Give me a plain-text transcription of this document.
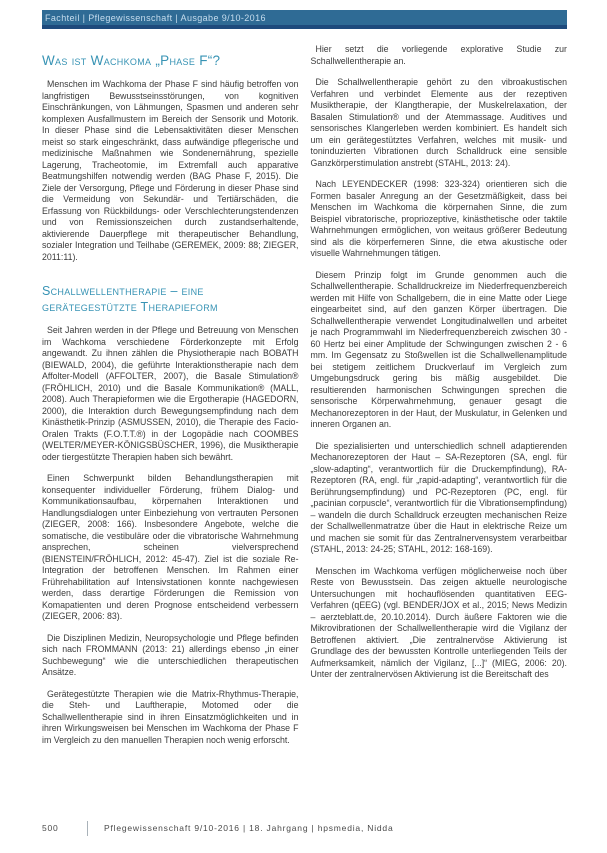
Fachteil | Pflegewissenschaft | Ausgabe 9/10-2016
Was ist Wachkoma „Phase F“?

Menschen im Wachkoma der Phase F sind häufig betroffen von langfristigen Bewusstseinsstörungen, von kognitiven Einschränkungen, von Lähmungen, Spasmen und anderen sehr komplexen Ausfallmustern im Bereich der Sensorik und Motorik. In dieser Phase sind die Lebensaktivitäten dieser Menschen meist so stark eingeschränkt, dass aufwändige pflegerische und medizinische Maßnahmen wie Sondenernährung, spezielle Lagerung, Tracheotomie, im Extremfall auch apparative Beatmungshilfen notwendig werden (BAG Phase F, 2015). Die Ziele der Versorgung, Pflege und Förderung in dieser Phase sind die Vermeidung von Sekundär- und Tertiärschäden, die Erfassung von Rückbildungs- oder Verschlechterungstendenzen und von Remissionszeichen durch zustandserhaltende, aktivierende Dauerpflege mit therapeutischer Behandlung, sozialer Integration und Teilhabe (GEREMEK, 2009: 88; ZIEGER, 2011:11).

Schallwellentherapie – eine gerätegestützte Therapieform

Seit Jahren werden in der Pflege und Betreuung von Menschen im Wachkoma verschiedene Förderkonzepte mit Erfolg angewandt. Zu ihnen zählen die Physiotherapie nach BOBATH (BIEWALD, 2004), die geführte Interaktionstherapie nach dem Affolter-Modell (AFFOLTER, 2007), die Basale Stimulation® (FRÖHLICH, 2010) und die Basale Kommunikation® (MALL, 2008). Auch Therapieformen wie die Ergotherapie (HAGEDORN, 2000), die Interaktion durch Bewegungsempfindung nach dem Kinästhetik-Prinzip (ASMUSSEN, 2010), die Therapie des Facio-Oralen Trakts (F.O.T.T.®) in der Logopädie nach COOMBES (WELTER/MEYER-KÖNIGSBÜSCHER, 1996), die Musiktherapie oder tiergestützte Therapien haben sich bewährt.

Einen Schwerpunkt bilden Behandlungstherapien mit konsequenter individueller Förderung, frühem Dialog- und Kommunikationsaufbau, körpernahen Interaktionen und Handlungsdialogen unter Einbeziehung von vertrauten Personen (ZIEGER, 2008: 166). Insbesondere Angebote, welche die somatische, die vestibuläre oder die vibratorische Wahrnehmung ansprechen, scheinen vielversprechend (BIENSTEIN/FRÖHLICH, 2012: 45-47). Ziel ist die soziale Re-Integration der betroffenen Menschen. Im Rahmen einer Frührehabilitation auf Intensivstationen konnte nachgewiesen werden, dass derartige Förderungen die Remission von Komapatienten und deren Prognose entscheidend verbessern (ZIEGER, 2006: 83).

Die Disziplinen Medizin, Neuropsychologie und Pflege befinden sich nach FROMMANN (2013: 21) allerdings ebenso „in einer Suchbewegung“ wie die unterschiedlichen therapeutischen Ansätze.

Gerätegestützte Therapien wie die Matrix-Rhythmus-Therapie, die Steh- und Lauftherapie, Motomed oder die Schallwellentherapie sind in ihren Einsatzmöglichkeiten und in ihren Wirkungsweisen bei Menschen im Wachkoma der Phase F im Vergleich zu den manuellen Therapien noch wenig erforscht.

Hier setzt die vorliegende explorative Studie zur Schallwellentherapie an.

Die Schallwellentherapie gehört zu den vibroakustischen Verfahren und verbindet Elemente aus der rezeptiven Musiktherapie, der Klangtherapie, der Muskelrelaxation, der Basalen Stimulation® und der Atemmassage. Auditives und sensorisches Klangerleben werden kombiniert. Es handelt sich um ein gerätegestütztes Verfahren, welches mit musik- und toninduzierten Vibrationen durch Schalldruck eine sensible Ganzkörperstimulation anstrebt (STAHL, 2013: 24).

Nach LEYENDECKER (1998: 323-324) orientieren sich die Formen basaler Anregung an der Gesetzmäßigkeit, dass bei Menschen im Wachkoma die körpernahen Sinne, die zum Beispiel vibratorische, propriozeptive, kinästhetische oder taktile Wahrnehmungen ermöglichen, von weitaus größerer Bedeutung sind als die körperferneren Sinne, die etwa akustische oder visuelle Wahrnehmungen tätigen.

Diesem Prinzip folgt im Grunde genommen auch die Schallwellentherapie. Schalldruckreize im Niederfrequenzbereich werden mit Hilfe von Schallgebern, die in eine Matte oder Liege eingearbeitet sind, auf den ganzen Körper übertragen. Die Schallwellentherapie verwendet Longitudinalwellen und arbeitet je nach Programmwahl im Niederfrequenzbereich zwischen 30 - 60 Hertz bei einer Amplitude der Schwingungen zwischen 2 - 6 mm. Im Gegensatz zu Stoßwellen ist die Schallwellenamplitude bei stetigem zeitlichem Druckverlauf im Vergleich zum Umgebungsdruck gering bis mäßig ausgebildet. Die resultierenden harmonischen Schwingungen sprechen die sensorische Körperwahrnehmung, genauer gesagt die Mechanorezeptoren in der Haut, der Muskulatur, in Gelenken und inneren Organen an.

Die spezialisierten und unterschiedlich schnell adaptierenden Mechanorezeptoren der Haut – SA-Rezeptoren (SA, engl. für „slow-adapting“, verantwortlich für die Druckempfindung), RA-Rezeptoren (RA, engl. für „rapid-adapting“, verantwortlich für die Berührungsempfindung) und PC-Rezeptoren (PC, engl. für „pacinian corpuscle“, verantwortlich für die Vibrationsempfindung) – wandeln die durch Schalldruck erzeugten mechanischen Reize der Schallwellenmatratze über die Haut in elektrische Reize um und machen sie somit für das Zentralnervensystem verarbeitbar (STAHL, 2013: 24-25; STAHL, 2012: 168-169).

Menschen im Wachkoma verfügen möglicherweise noch über Reste von Bewusstsein. Das zeigen aktuelle neurologische Untersuchungen mit hochauflösenden quantitativen EEG-Verfahren (qEEG) (vgl. BENDER/JOX et al., 2015; News Medizin – aerzteblatt.de, 20.10.2014). Durch äußere Faktoren wie die Mikrovibrationen der Schallwellentherapie wird die Vigilanz der Betroffenen aktiviert. „Die zentralnervöse Aktivierung ist Grundlage des der bewussten Kontrolle unterliegenden Teils der Aufmerksamkeit, nämlich der Vigilanz, [...]“ (MIEG, 2006: 20). Unter der zentralnervösen Aktivierung ist die Bereitschaft des

500	Pflegewissenschaft 9/10-2016 | 18. Jahrgang | hpsmedia, Nidda
